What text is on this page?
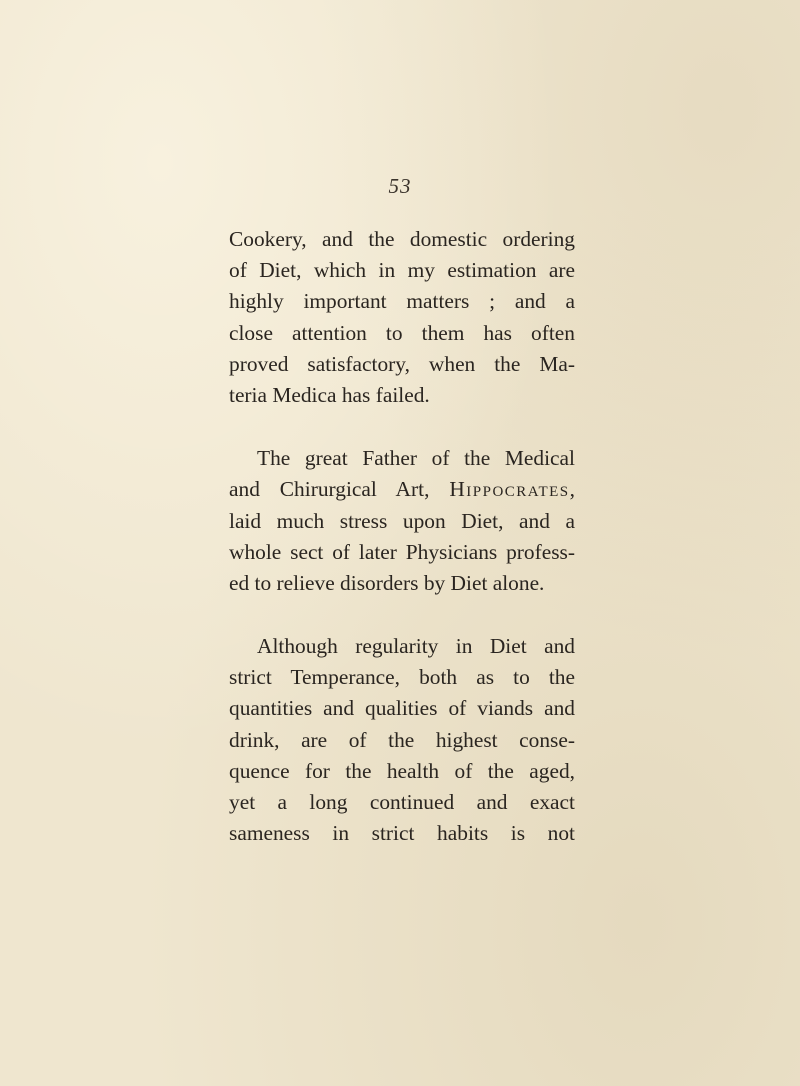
53
Cookery, and the domestic ordering
of Diet, which in my estimation are
highly important matters ; and a
close attention to them has often
proved satisfactory, when the Ma-
teria Medica has failed.
The great Father of the Medical
and Chirurgical Art, Hippocrates,
laid much stress upon Diet, and a
whole sect of later Physicians profess-
ed to relieve disorders by Diet alone.
Although regularity in Diet and
strict Temperance, both as to the
quantities and qualities of viands and
drink, are of the highest conse-
quence for the health of the aged,
yet a long continued and exact
sameness in strict habits is not
